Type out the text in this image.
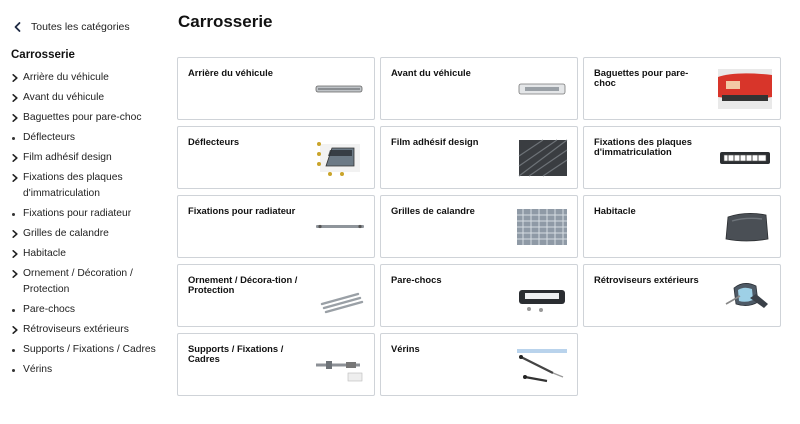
Toutes les catégories
Carrosserie
Arrière du véhicule
Avant du véhicule
Baguettes pour pare-choc
Déflecteurs
Film adhésif design
Fixations des plaques d'immatriculation
Fixations pour radiateur
Grilles de calandre
Habitacle
Ornement / Décoration / Protection
Pare-chocs
Rétroviseurs extérieurs
Supports / Fixations / Cadres
Vérins
Carrosserie
Arrière du véhicule	Avant du véhicule	Baguettes pour pare-choc
Déflecteurs	Film adhésif design	Fixations des plaques d'immatriculation
Fixations pour radiateur	Grilles de calandre	Habitacle
Ornement / Décora-tion / Protection
Pare-chocs	Rétroviseurs extérieurs
Supports / Fixations / Cadres
Vérins
